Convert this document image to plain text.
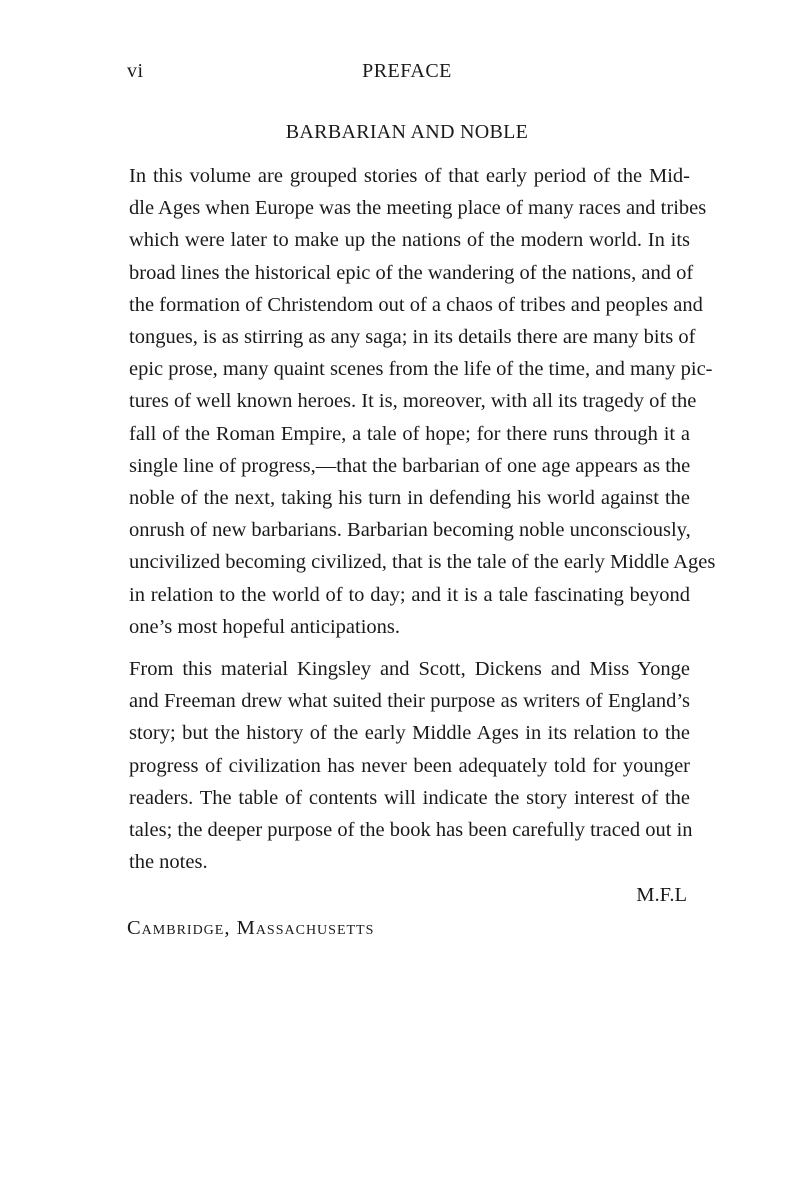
vi	PREFACE
BARBARIAN AND NOBLE

In this volume are grouped stories of that early period of the Mid-
dle Ages when Europe was the meeting place of many races and tribes
which were later to make up the nations of the modern world. In its
broad lines the historical epic of the wandering of the nations, and of
the formation of Christendom out of a chaos of tribes and peoples and
tongues, is as stirring as any saga; in its details there are many bits of
epic prose, many quaint scenes from the life of the time, and many pic-
tures of well known heroes. It is, moreover, with all its tragedy of the
fall of the Roman Empire, a tale of hope; for there runs through it a
single line of progress,—that the barbarian of one age appears as the
noble of the next, taking his turn in defending his world against the
onrush of new barbarians. Barbarian becoming noble unconsciously,
uncivilized becoming civilized, that is the tale of the early Middle Ages
in relation to the world of to day; and it is a tale fascinating beyond
one’s most hopeful anticipations.

From this material Kingsley and Scott, Dickens and Miss Yonge
and Freeman drew what suited their purpose as writers of England’s
story; but the history of the early Middle Ages in its relation to the
progress of civilization has never been adequately told for younger
readers. The table of contents will indicate the story interest of the
tales; the deeper purpose of the book has been carefully traced out in
the notes.

M.F.L
Cambridge, Massachusetts
